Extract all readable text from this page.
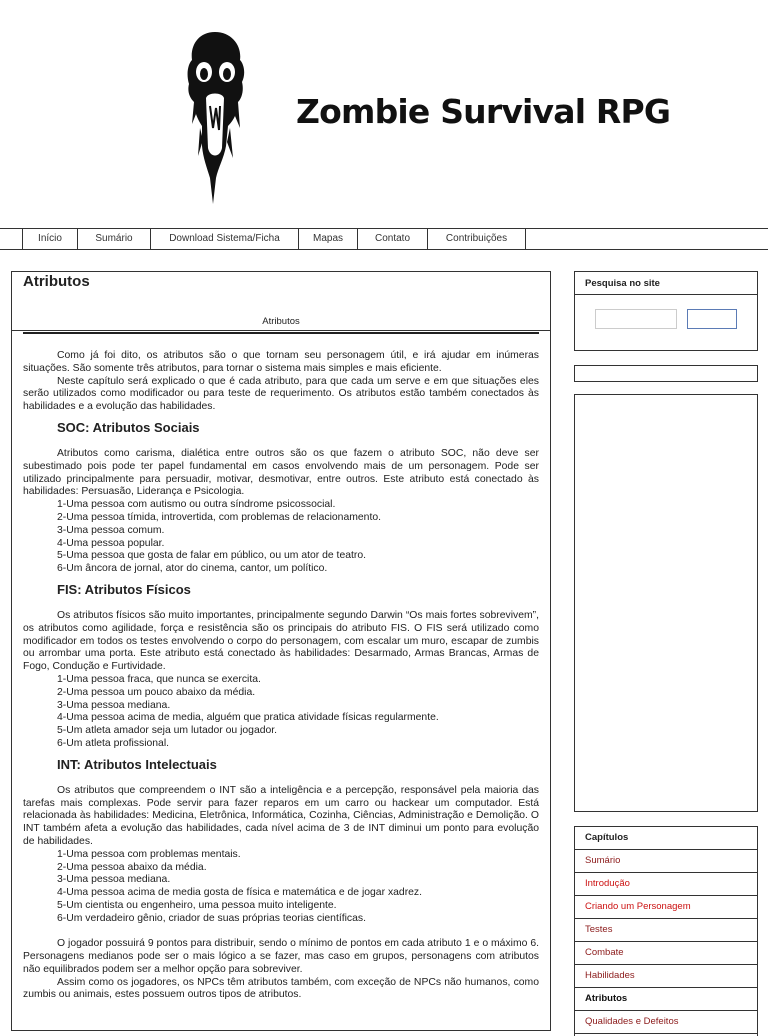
Zombie Survival RPG
Início	Sumário	Download Sistema/Ficha	Mapas	Contato	Contribuições
Atributos
Atributos

Como já foi dito, os atributos são o que tornam seu personagem útil, e irá ajudar em inúmeras situações. São somente três atributos, para tornar o sistema mais simples e mais eficiente.

Neste capítulo será explicado o que é cada atributo, para que cada um serve e em que situações eles serão utilizados como modificador ou para teste de requerimento. Os atributos estão também conectados às habilidades e a evolução das habilidades.

SOC: Atributos Sociais

Atributos como carisma, dialética entre outros são os que fazem o atributo SOC, não deve ser subestimado pois pode ter papel fundamental em casos envolvendo mais de um personagem. Pode ser utilizado principalmente para persuadir, motivar, desmotivar, entre outros. Este atributo está conectado às habilidades: Persuasão, Liderança e Psicologia.

1-Uma pessoa com autismo ou outra síndrome psicossocial.

2-Uma pessoa tímida, introvertida, com problemas de relacionamento.

3-Uma pessoa comum.

4-Uma pessoa popular.

5-Uma pessoa que gosta de falar em público, ou um ator de teatro.

6-Um âncora de jornal, ator do cinema, cantor, um político.

FIS: Atributos Físicos

Os atributos físicos são muito importantes, principalmente segundo Darwin “Os mais fortes sobrevivem”, os atributos como agilidade, força e resistência são os principais do atributo FIS. O FIS será utilizado como modificador em todos os testes envolvendo o corpo do personagem, com escalar um muro, escapar de zumbis ou arrombar uma porta. Este atributo está conectado às habilidades: Desarmado, Armas Brancas, Armas de Fogo, Condução e Furtividade.

1-Uma pessoa fraca, que nunca se exercita.

2-Uma pessoa um pouco abaixo da média.

3-Uma pessoa mediana.

4-Uma pessoa acima de media, alguém que pratica atividade físicas regularmente.

5-Um atleta amador seja um lutador ou jogador.

6-Um atleta profissional.

INT: Atributos Intelectuais

Os atributos que compreendem o INT são a inteligência e a percepção, responsável pela maioria das tarefas mais complexas. Pode servir para fazer reparos em um carro ou hackear um computador. Está relacionada às habilidades: Medicina, Eletrônica, Informática, Cozinha, Ciências, Administração e Demolição. O INT também afeta a evolução das habilidades, cada nível acima de 3 de INT diminui um ponto para evolução de habilidades.

1-Uma pessoa com problemas mentais.

2-Uma pessoa abaixo da média.

3-Uma pessoa mediana.

4-Uma pessoa acima de media gosta de física e matemática e de jogar xadrez.

5-Um cientista ou engenheiro, uma pessoa muito inteligente.

6-Um verdadeiro gênio, criador de suas próprias teorias científicas.

O jogador possuirá 9 pontos para distribuir, sendo o mínimo de pontos em cada atributo 1 e o máximo 6. Personagens medianos pode ser o mais lógico a se fazer, mas caso em grupos, personagens com atributos não equilibrados podem ser a melhor opção para sobreviver.

Assim como os jogadores, os NPCs têm atributos também, com exceção de NPCs não humanos, como zumbis ou animais, estes possuem outros tipos de atributos.

Pesquisa no site
Capítulos
Sumário
Introdução
Criando um Personagem
Testes
Combate
Habilidades
Atributos
Qualidades e Defeitos
